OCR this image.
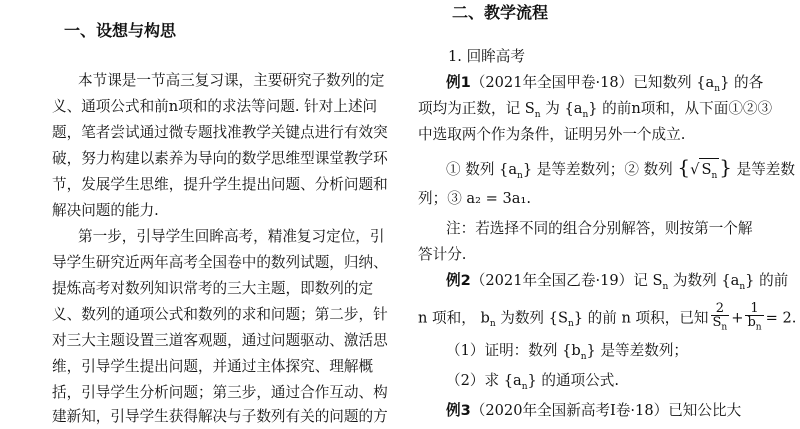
一、设想与构思
本节课是一节高三复习课，主要研究子数列的定
义、通项公式和前n项和的求法等问题. 针对上述问
题，笔者尝试通过微专题找准教学关键点进行有效突
破，努力构建以素养为导向的数学思维型课堂教学环
节，发展学生思维，提升学生提出问题、分析问题和
解决问题的能力.
第一步，引导学生回眸高考，精准复习定位，引
导学生研究近两年高考全国卷中的数列试题，归纳、
提炼高考对数列知识常考的三大主题，即数列的定
义、数列的通项公式和数列的求和问题；第二步，针
对三大主题设置三道客观题，通过问题驱动、激活思
维，引导学生提出问题，并通过主体探究、理解概
括，引导学生分析问题；第三步，通过合作互动、构
建新知，引导学生获得解决与子数列有关的问题的方
二、教学流程
1. 回眸高考
例1（2021年全国甲卷·18）已知数列 $\{a_n\}$ 的各
项均为正数，记 $S_n$ 为 $\{a_n\}$ 的前n项和，从下面①②③
中选取两个作为条件，证明另外一个成立.
① 数列 $\{a_n\}$ 是等差数列；② 数列 {√ $S_n$ } 是等差数
列；③ a₂ = 3a₁.
注：若选择不同的组合分别解答，则按第一个解
答计分.
例2（2021年全国乙卷·19）记 $S_n$ 为数列 $\{a_n\}$ 的前
n 项和， $b_n$ 为数列 $\{S_n\}$ 的前 n 项积，已知 $\frac{2}{S_n} + \frac{1}{b_n} = 2$.
（1）证明：数列 $\{b_n\}$ 是等差数列；
（2）求 $\{a_n\}$ 的通项公式.
例3（2020年全国新高考Ⅰ卷·18）已知公比大
